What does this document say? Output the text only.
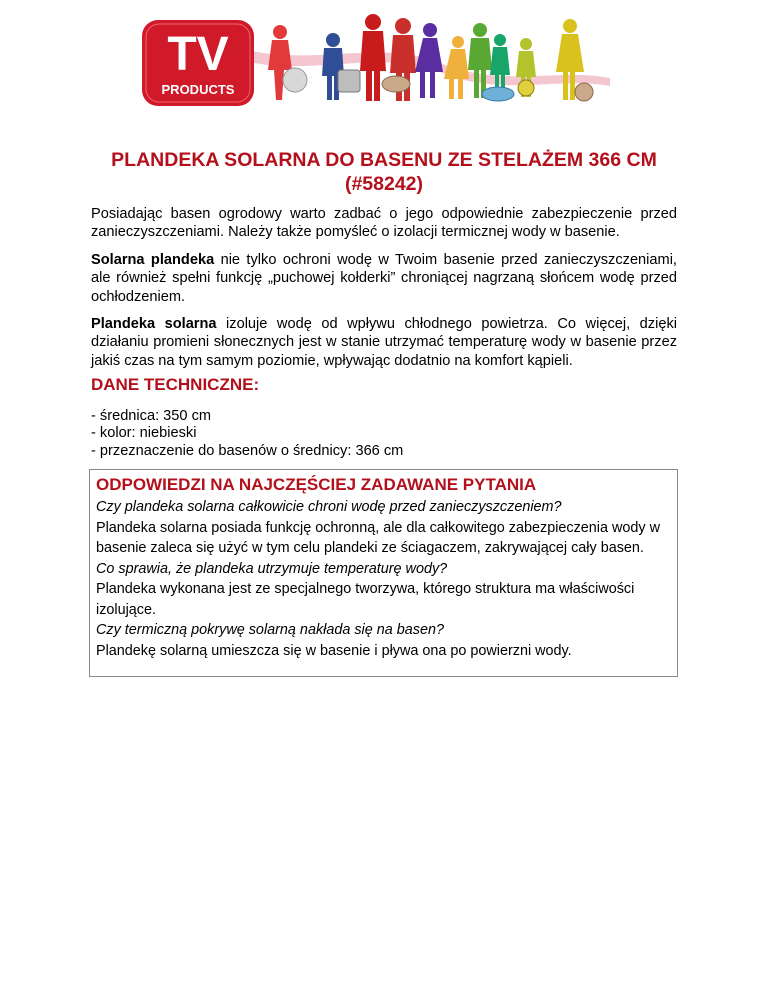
TV
PRODUCTS
PLANDEKA SOLARNA DO BASENU ZE STELAŻEM 366 CM
(#58242)
Posiadając basen ogrodowy warto zadbać o jego odpowiednie zabezpieczenie przed zanieczyszczeniami. Należy także pomyśleć o izolacji termicznej wody w basenie.
Solarna plandeka nie tylko ochroni wodę w Twoim basenie przed zanieczyszczeniami, ale również spełni funkcję „puchowej kołderki” chroniącej nagrzaną słońcem wodę przed ochłodzeniem.
Plandeka solarna izoluje wodę od wpływu chłodnego powietrza. Co więcej, dzięki działaniu promieni słonecznych jest w stanie utrzymać temperaturę wody w basenie przez jakiś czas na tym samym poziomie, wpływając dodatnio na komfort kąpieli.
DANE TECHNICZNE:
- średnica: 350 cm
- kolor: niebieski
- przeznaczenie do basenów o średnicy: 366 cm
ODPOWIEDZI NA NAJCZĘŚCIEJ ZADAWANE PYTANIA
Czy plandeka solarna całkowicie chroni wodę przed zanieczyszczeniem?
Plandeka solarna posiada funkcję ochronną, ale dla całkowitego zabezpieczenia wody w basenie zaleca się użyć w tym celu plandeki ze ściagaczem, zakrywającej cały basen.
Co sprawia, że plandeka utrzymuje temperaturę wody?
Plandeka wykonana jest ze specjalnego tworzywa, którego struktura ma właściwości izolujące.
Czy termiczną pokrywę solarną nakłada się na basen?
Plandekę solarną umieszcza się w basenie i pływa ona po powierzni wody.
